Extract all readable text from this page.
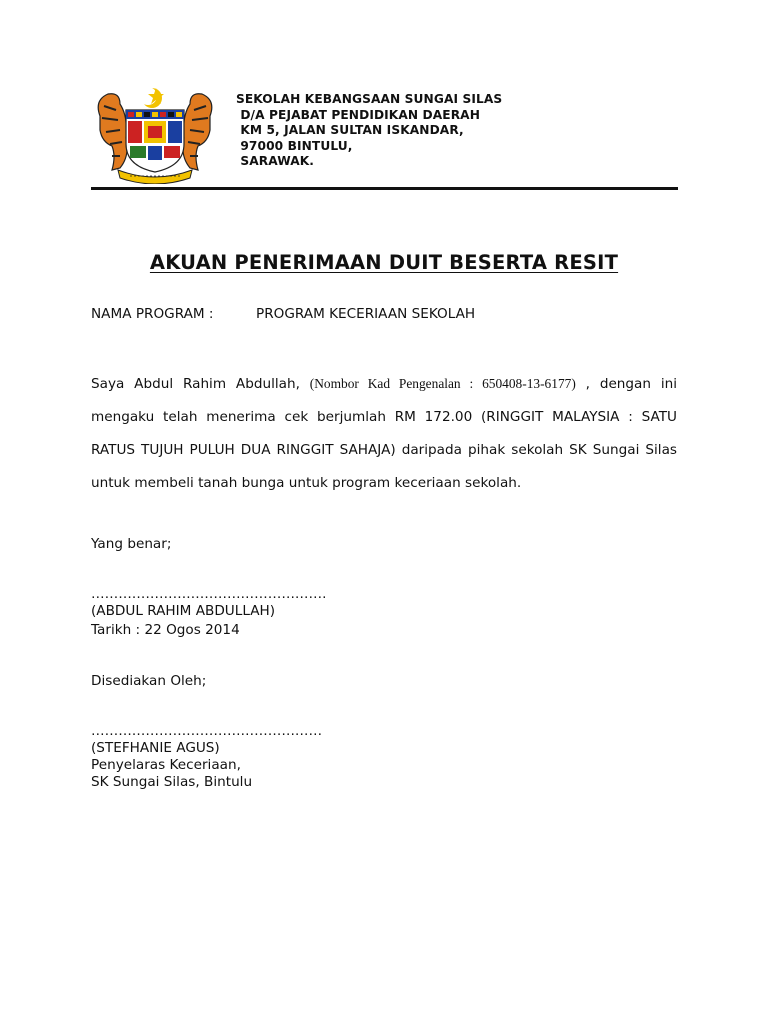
SEKOLAH KEBANGSAAN SUNGAI SILAS
D/A PEJABAT PENDIDIKAN DAERAH
KM 5, JALAN SULTAN ISKANDAR,
97000 BINTULU,
SARAWAK.
AKUAN PENERIMAAN DUIT BESERTA RESIT
NAMA PROGRAM :	PROGRAM KECERIAAN SEKOLAH
Saya Abdul Rahim Abdullah, (Nombor Kad Pengenalan : 650408-13-6177) , dengan ini mengaku telah menerima cek berjumlah RM 172.00 (RINGGIT MALAYSIA : SATU RATUS TUJUH PULUH DUA RINGGIT SAHAJA) daripada pihak sekolah SK Sungai Silas untuk membeli tanah bunga untuk program keceriaan sekolah.
Yang benar;
…………………………………………….
(ABDUL RAHIM ABDULLAH)
Tarikh : 22 Ogos 2014
Disediakan Oleh;
……………………………………………
(STEFHANIE AGUS)
Penyelaras Keceriaan,
SK Sungai Silas, Bintulu
